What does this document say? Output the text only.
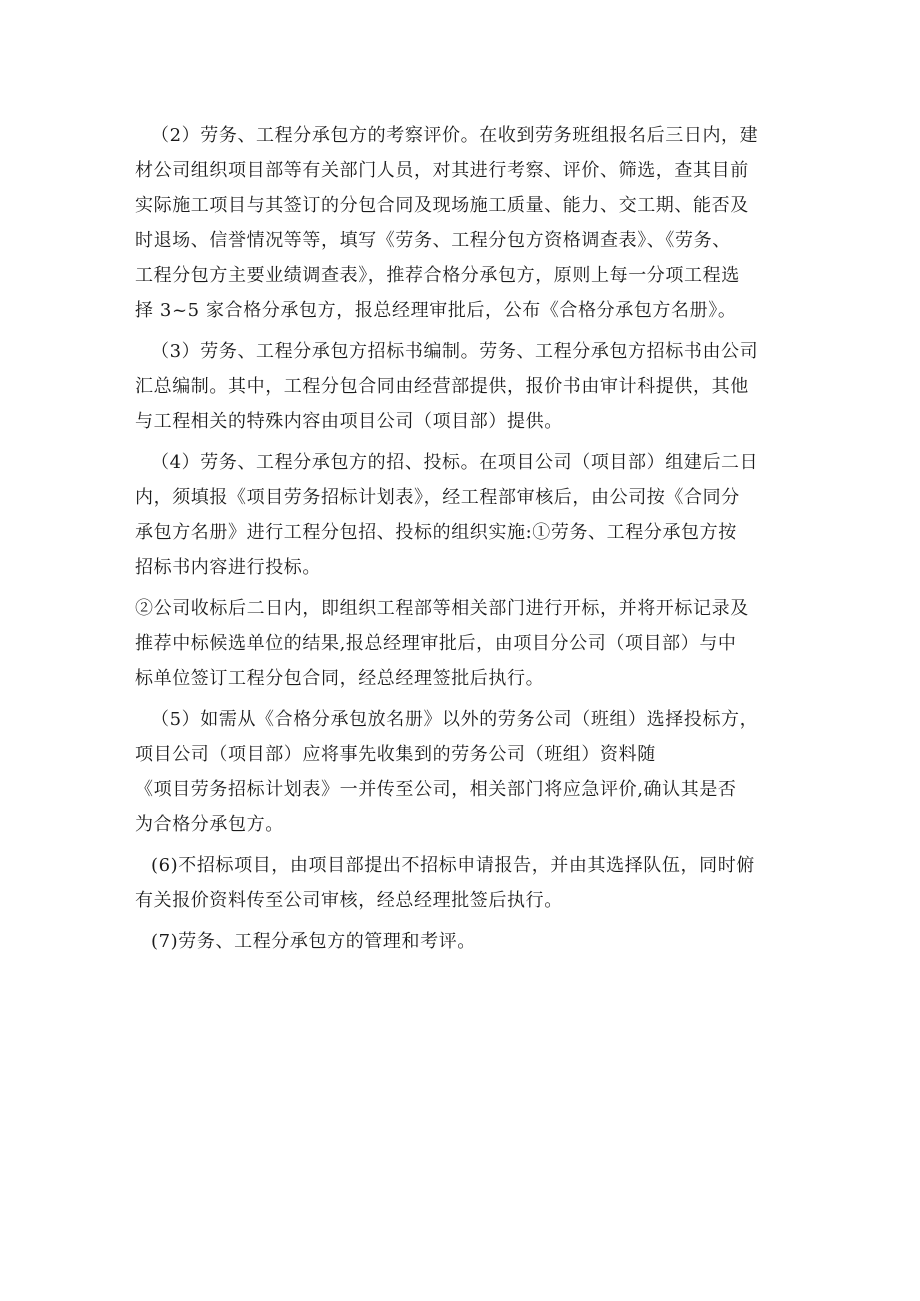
（2）劳务、工程分承包方的考察评价。在收到劳务班组报名后三日内，建
材公司组织项目部等有关部门人员，对其进行考察、评价、筛选，查其目前
实际施工项目与其签订的分包合同及现场施工质量、能力、交工期、能否及
时退场、信誉情况等等，填写《劳务、工程分包方资格调查表》、《劳务、
工程分包方主要业绩调查表》，推荐合格分承包方，原则上每一分项工程选
择 3~5 家合格分承包方，报总经理审批后，公布《合格分承包方名册》。
（3）劳务、工程分承包方招标书编制。劳务、工程分承包方招标书由公司
汇总编制。其中，工程分包合同由经营部提供，报价书由审计科提供，其他
与工程相关的特殊内容由项目公司（项目部）提供。
（4）劳务、工程分承包方的招、投标。在项目公司（项目部）组建后二日
内，须填报《项目劳务招标计划表》，经工程部审核后，由公司按《合同分
承包方名册》进行工程分包招、投标的组织实施:①劳务、工程分承包方按
招标书内容进行投标。
②公司收标后二日内，即组织工程部等相关部门进行开标，并将开标记录及
推荐中标候选单位的结果,报总经理审批后，由项目分公司（项目部）与中
标单位签订工程分包合同，经总经理签批后执行。
（5）如需从《合格分承包放名册》以外的劳务公司（班组）选择投标方，
项目公司（项目部）应将事先收集到的劳务公司（班组）资料随
《项目劳务招标计划表》一并传至公司，相关部门将应急评价,确认其是否
为合格分承包方。
(6)不招标项目，由项目部提出不招标申请报告，并由其选择队伍，同时俯
有关报价资料传至公司审核，经总经理批签后执行。
(7)劳务、工程分承包方的管理和考评。
